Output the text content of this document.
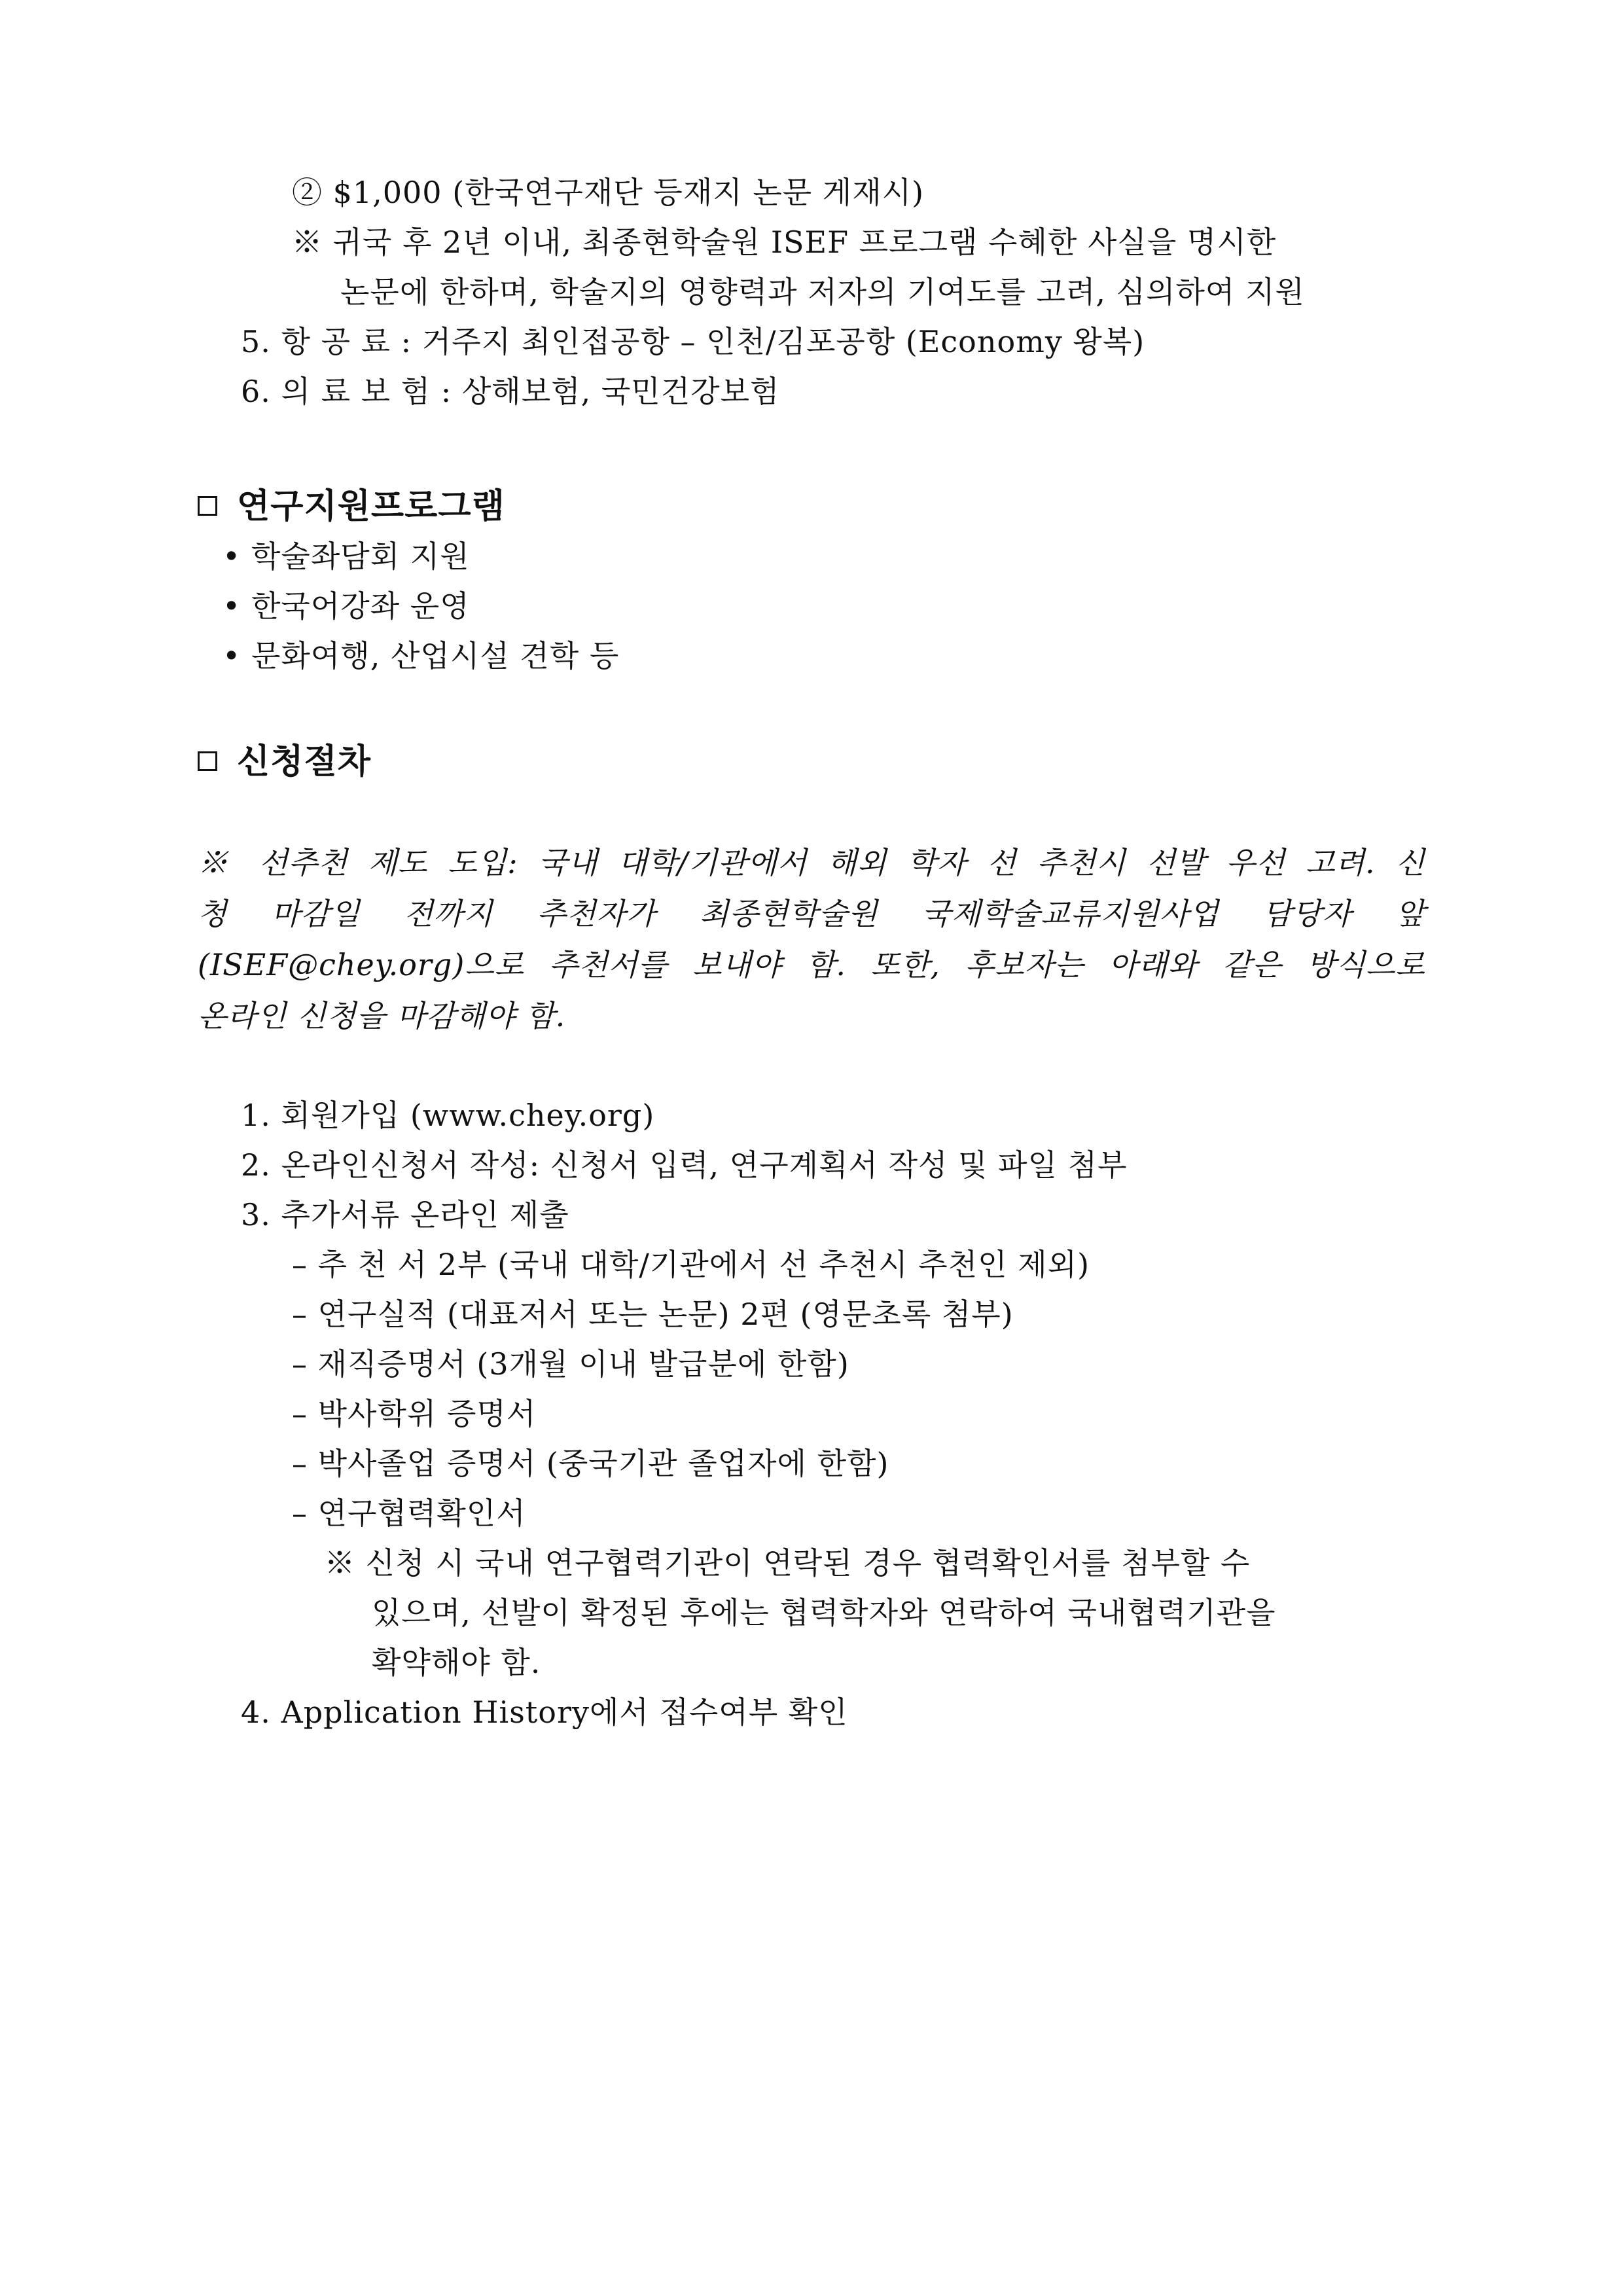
② $1,000 (한국연구재단 등재지 논문 게재시)
※ 귀국 후 2년 이내, 최종현학술원 ISEF 프로그램 수혜한 사실을 명시한
논문에 한하며, 학술지의 영향력과 저자의 기여도를 고려, 심의하여 지원
5. 항 공 료 : 거주지 최인접공항 – 인천/김포공항 (Economy 왕복)
6. 의 료 보 험 : 상해보험, 국민건강보험
연구지원프로그램
• 학술좌담회 지원
• 한국어강좌 운영
• 문화여행, 산업시설 견학 등
신청절차
※ 선추천 제도 도입: 국내 대학/기관에서 해외 학자 선 추천시 선발 우선 고려. 신
청 마감일 전까지 추천자가 최종현학술원 국제학술교류지원사업 담당자 앞
(ISEF@chey.org)으로 추천서를 보내야 함. 또한, 후보자는 아래와 같은 방식으로
온라인 신청을 마감해야 함.
1. 회원가입 (www.chey.org)
2. 온라인신청서 작성: 신청서 입력, 연구계획서 작성 및 파일 첨부
3. 추가서류 온라인 제출
– 추 천 서 2부 (국내 대학/기관에서 선 추천시 추천인 제외)
– 연구실적 (대표저서 또는 논문) 2편 (영문초록 첨부)
– 재직증명서 (3개월 이내 발급분에 한함)
– 박사학위 증명서
– 박사졸업 증명서 (중국기관 졸업자에 한함)
– 연구협력확인서
※ 신청 시 국내 연구협력기관이 연락된 경우 협력확인서를 첨부할 수
있으며, 선발이 확정된 후에는 협력학자와 연락하여 국내협력기관을
확약해야 함.
4. Application History에서 접수여부 확인
